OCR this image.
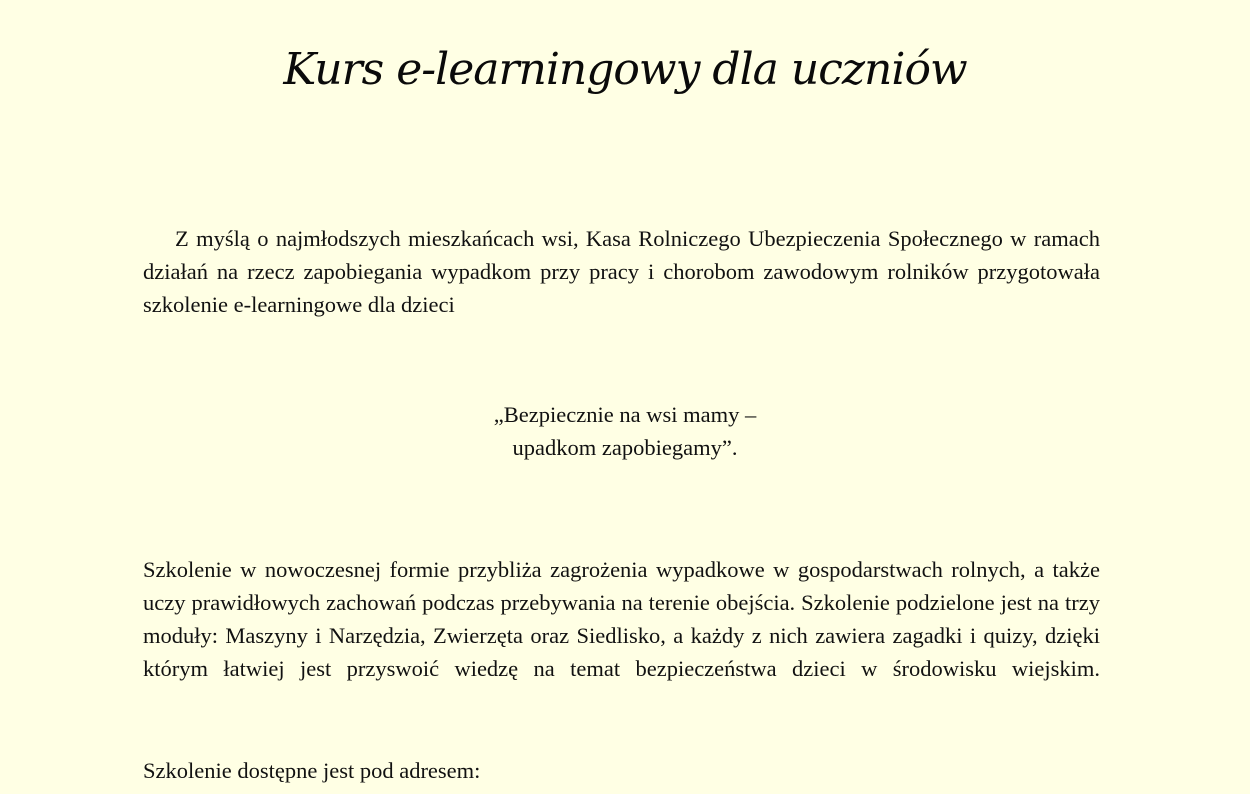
Kurs e-learningowy dla uczniów

Z myślą o najmłodszych mieszkańcach wsi, Kasa Rolniczego Ubezpieczenia Społecznego w ramach działań na rzecz zapobiegania wypadkom przy pracy i chorobom zawodowym rolników przygotowała szkolenie e-learningowe dla dzieci

„Bezpiecznie na wsi mamy –
upadkom zapobiegamy”.

Szkolenie w nowoczesnej formie przybliża zagrożenia wypadkowe w gospodarstwach rolnych, a także uczy prawidłowych zachowań podczas przebywania na terenie obejścia. Szkolenie podzielone jest na trzy moduły: Maszyny i Narzędzia, Zwierzęta oraz Siedlisko, a każdy z nich zawiera zagadki i quizy, dzięki którym łatwiej jest przyswoić wiedzę na temat bezpieczeństwa dzieci w środowisku wiejskim.

Szkolenie dostępne jest pod adresem:
